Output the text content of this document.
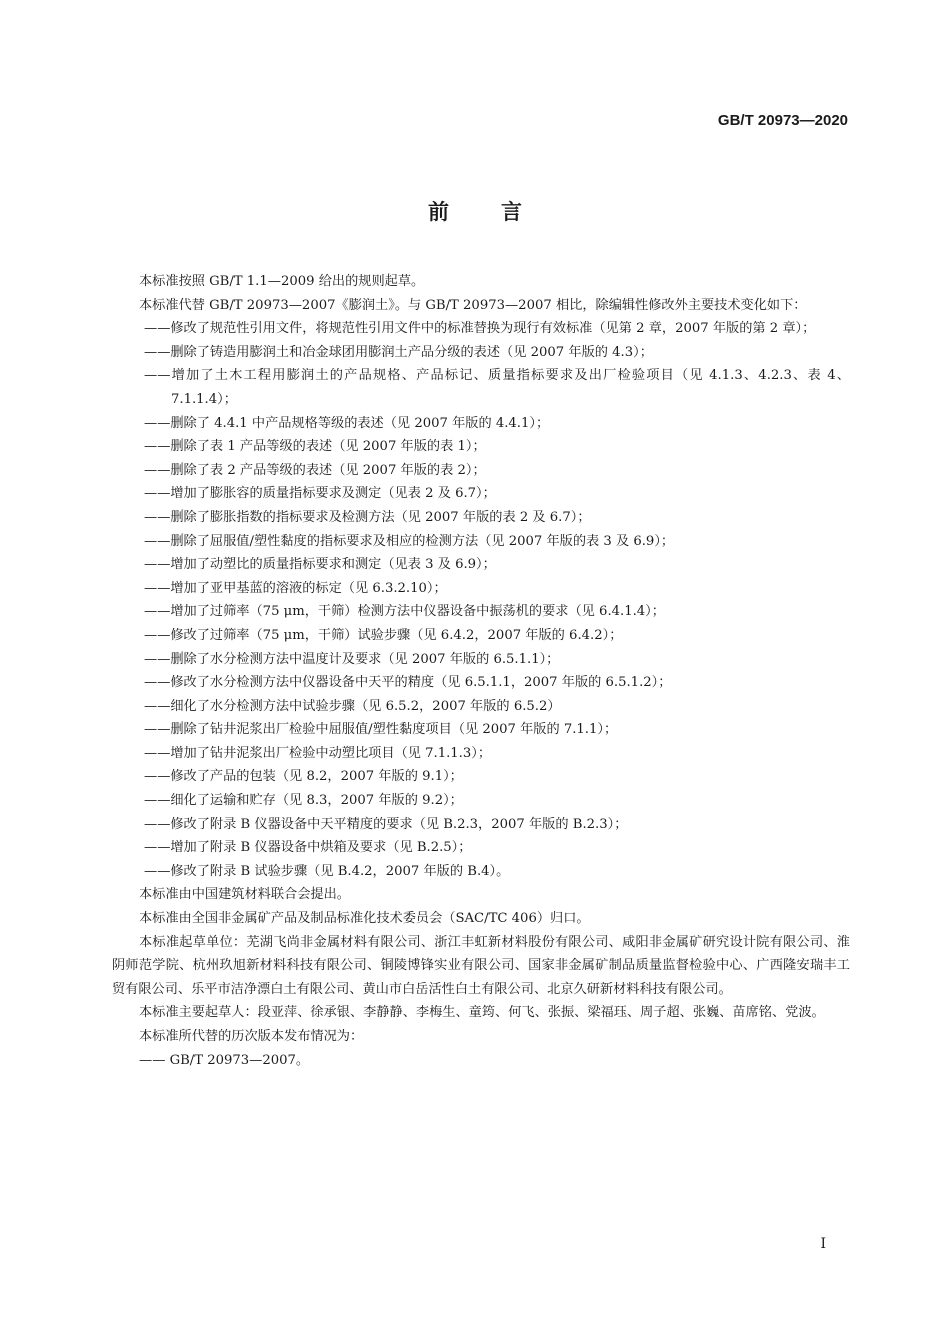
GB/T 20973—2020
前言

本标准按照 GB/T 1.1—2009 给出的规则起草。

本标准代替 GB/T 20973—2007《膨润土》。与 GB/T 20973—2007 相比，除编辑性修改外主要技术变化如下：

——修改了规范性引用文件，将规范性引用文件中的标准替换为现行有效标准（见第 2 章，2007 年版的第 2 章）；

——删除了铸造用膨润土和冶金球团用膨润土产品分级的表述（见 2007 年版的 4.3）；

——增加了土木工程用膨润土的产品规格、产品标记、质量指标要求及出厂检验项目（见 4.1.3、4.2.3、表 4、7.1.1.4）；

——删除了 4.4.1 中产品规格等级的表述（见 2007 年版的 4.4.1）；

——删除了表 1 产品等级的表述（见 2007 年版的表 1）；

——删除了表 2 产品等级的表述（见 2007 年版的表 2）；

——增加了膨胀容的质量指标要求及测定（见表 2 及 6.7）；

——删除了膨胀指数的指标要求及检测方法（见 2007 年版的表 2 及 6.7）；

——删除了屈服值/塑性黏度的指标要求及相应的检测方法（见 2007 年版的表 3 及 6.9）；

——增加了动塑比的质量指标要求和测定（见表 3 及 6.9）；

——增加了亚甲基蓝的溶液的标定（见 6.3.2.10）；

——增加了过筛率（75 μm，干筛）检测方法中仪器设备中振荡机的要求（见 6.4.1.4）；

——修改了过筛率（75 μm，干筛）试验步骤（见 6.4.2，2007 年版的 6.4.2）；

——删除了水分检测方法中温度计及要求（见 2007 年版的 6.5.1.1）；

——修改了水分检测方法中仪器设备中天平的精度（见 6.5.1.1，2007 年版的 6.5.1.2）；

——细化了水分检测方法中试验步骤（见 6.5.2，2007 年版的 6.5.2）

——删除了钻井泥浆出厂检验中屈服值/塑性黏度项目（见 2007 年版的 7.1.1）；

——增加了钻井泥浆出厂检验中动塑比项目（见 7.1.1.3）；

——修改了产品的包装（见 8.2，2007 年版的 9.1）；

——细化了运输和贮存（见 8.3，2007 年版的 9.2）；

——修改了附录 B 仪器设备中天平精度的要求（见 B.2.3，2007 年版的 B.2.3）；

——增加了附录 B 仪器设备中烘箱及要求（见 B.2.5）；

——修改了附录 B 试验步骤（见 B.4.2，2007 年版的 B.4）。

本标准由中国建筑材料联合会提出。

本标准由全国非金属矿产品及制品标准化技术委员会（SAC/TC 406）归口。

本标准起草单位：芜湖飞尚非金属材料有限公司、浙江丰虹新材料股份有限公司、咸阳非金属矿研究设计院有限公司、淮阴师范学院、杭州玖旭新材料科技有限公司、铜陵博锋实业有限公司、国家非金属矿制品质量监督检验中心、广西隆安瑞丰工贸有限公司、乐平市洁净漂白土有限公司、黄山市白岳活性白土有限公司、北京久研新材料科技有限公司。

本标准主要起草人：段亚萍、徐承银、李静静、李梅生、童筠、何飞、张振、梁福珏、周子超、张巍、苗席铭、党波。

本标准所代替的历次版本发布情况为：

—— GB/T 20973—2007。

I
